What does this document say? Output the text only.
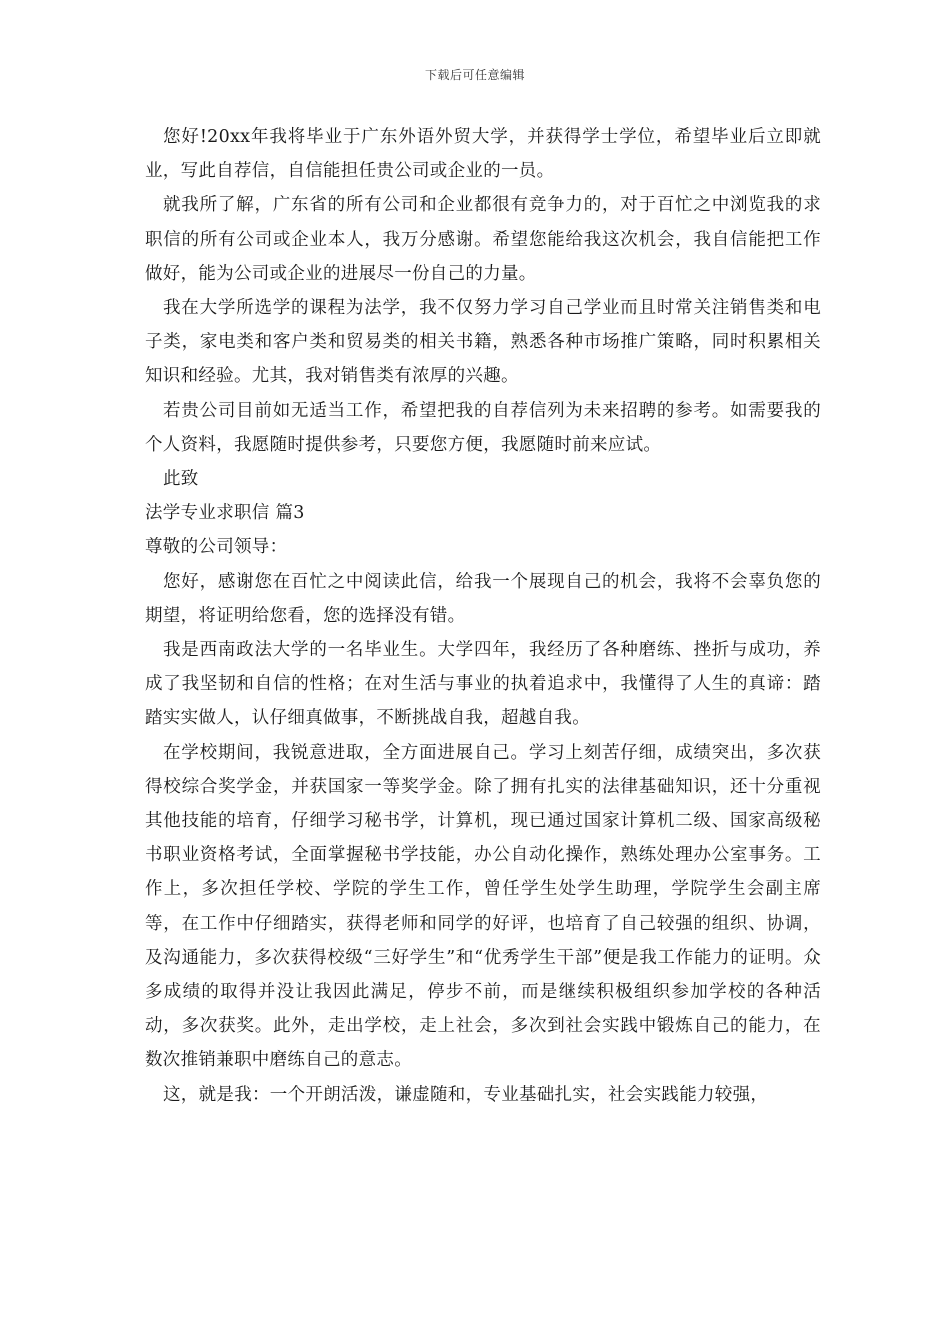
下载后可任意编辑

您好!20xx年我将毕业于广东外语外贸大学，并获得学士学位，希望毕业后立即就业，写此自荐信，自信能担任贵公司或企业的一员。

就我所了解，广东省的所有公司和企业都很有竞争力的，对于百忙之中浏览我的求职信的所有公司或企业本人，我万分感谢。希望您能给我这次机会，我自信能把工作做好，能为公司或企业的进展尽一份自己的力量。

我在大学所选学的课程为法学，我不仅努力学习自己学业而且时常关注销售类和电子类，家电类和客户类和贸易类的相关书籍，熟悉各种市场推广策略，同时积累相关知识和经验。尤其，我对销售类有浓厚的兴趣。

若贵公司目前如无适当工作，希望把我的自荐信列为未来招聘的参考。如需要我的个人资料，我愿随时提供参考，只要您方便，我愿随时前来应试。

此致

法学专业求职信 篇3

尊敬的公司领导：

您好，感谢您在百忙之中阅读此信，给我一个展现自己的机会，我将不会辜负您的期望，将证明给您看，您的选择没有错。

我是西南政法大学的一名毕业生。大学四年，我经历了各种磨练、挫折与成功，养成了我坚韧和自信的性格；在对生活与事业的执着追求中，我懂得了人生的真谛：踏踏实实做人，认仔细真做事，不断挑战自我，超越自我。

在学校期间，我锐意进取，全方面进展自己。学习上刻苦仔细，成绩突出，多次获得校综合奖学金，并获国家一等奖学金。除了拥有扎实的法律基础知识，还十分重视其他技能的培育，仔细学习秘书学，计算机，现已通过国家计算机二级、国家高级秘书职业资格考试，全面掌握秘书学技能，办公自动化操作，熟练处理办公室事务。工作上，多次担任学校、学院的学生工作，曾任学生处学生助理，学院学生会副主席等，在工作中仔细踏实，获得老师和同学的好评，也培育了自己较强的组织、协调，及沟通能力，多次获得校级“三好学生”和“优秀学生干部”便是我工作能力的证明。众多成绩的取得并没让我因此满足，停步不前，而是继续积极组织参加学校的各种活动，多次获奖。此外，走出学校，走上社会，多次到社会实践中锻炼自己的能力，在数次推销兼职中磨练自己的意志。

这，就是我：一个开朗活泼，谦虚随和，专业基础扎实，社会实践能力较强，
